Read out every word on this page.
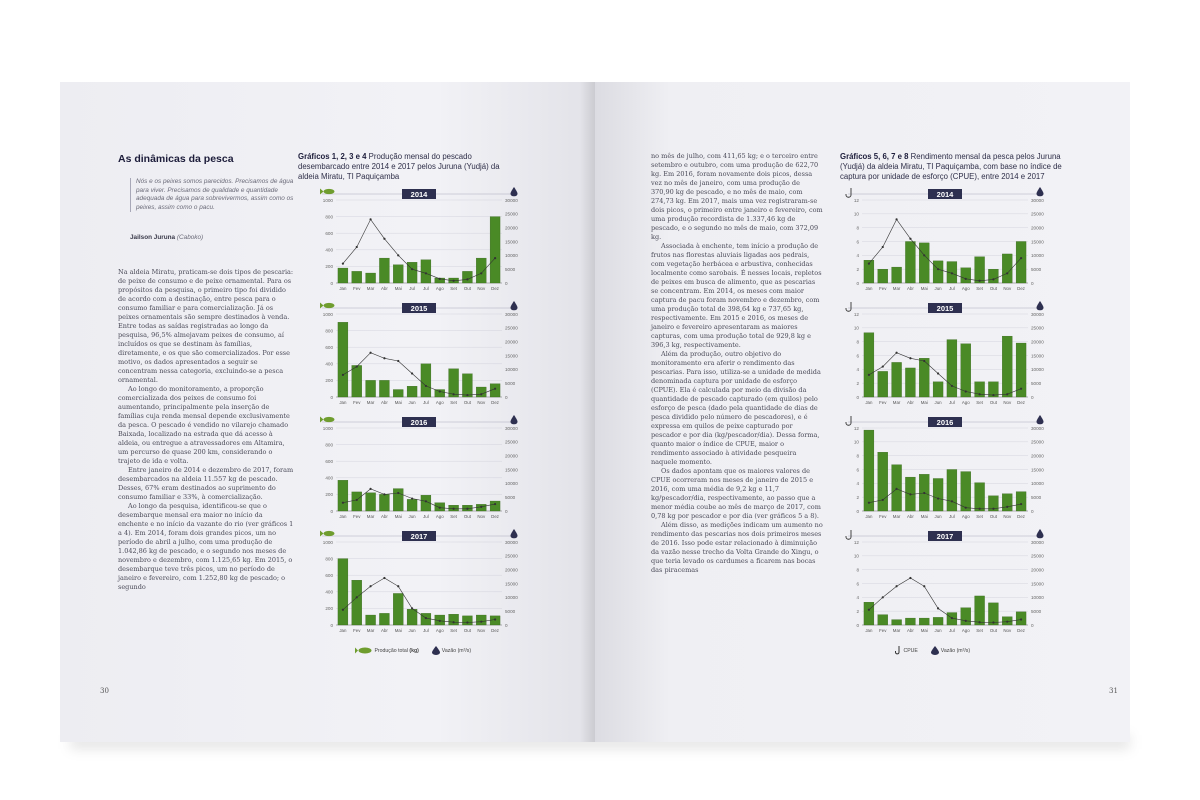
As dinâmicas da pesca
Nós e os peixes somos parecidos. Precisamos de água para viver. Precisamos de qualidade e quantidade adequada de água para sobrevivermos, assim como os peixes, assim como o pacu.
Jailson Juruna (Caboko)

Na aldeia Miratu, praticam-se dois tipos de pescaria: de peixe de consumo e de peixe ornamental. Para os propósitos da pesquisa, o primeiro tipo foi dividido de acordo com a destinação, entre pesca para o consumo familiar e para comercialização. Já os peixes ornamentais são sempre destinados à venda. Entre todas as saídas registradas ao longo da pesquisa, 96,5% almejavam peixes de consumo, aí incluídos os que se destinam às famílias, diretamente, e os que são comercializados. Por esse motivo, os dados apresentados a seguir se concentram nessa categoria, excluindo-se a pesca ornamental.

Ao longo do monitoramento, a proporção comercializada dos peixes de consumo foi aumentando, principalmente pela inserção de famílias cuja renda mensal depende exclusivamente da pesca. O pescado é vendido no vilarejo chamado Baixada, localizado na estrada que dá acesso à aldeia, ou entregue a atravessadores em Altamira, um percurso de quase 200 km, considerando o trajeto de ida e volta.

Entre janeiro de 2014 e dezembro de 2017, foram desembarcados na aldeia 11.557 kg de pescado. Desses, 67% eram destinados ao suprimento do consumo familiar e 33%, à comercialização.

Ao longo da pesquisa, identificou-se que o desembarque mensal era maior no início da enchente e no início da vazante do rio (ver gráficos 1 a 4). Em 2014, foram dois grandes picos, um no período de abril a julho, com uma produção de 1.042,86 kg de pescado, e o segundo nos meses de novembro e dezembro, com 1.125,65 kg. Em 2015, o desembarque teve três picos, um no período de janeiro e fevereiro, com 1.252,80 kg de pescado; o segundo

Gráficos 1, 2, 3 e 4 Produção mensal do pescado desembarcado entre 2014 e 2017 pelos Juruna (Yudjá) da aldeia Miratu, TI Paquiçamba
Produção total (kg)	Vazão (m³/s)
30

no mês de julho, com 411,65 kg; e o terceiro entre setembro e outubro, com uma produção de 622,70 kg. Em 2016, foram novamente dois picos, dessa vez no mês de janeiro, com uma produção de 370,90 kg de pescado, e no mês de maio, com 274,73 kg. Em 2017, mais uma vez registraram-se dois picos, o primeiro entre janeiro e fevereiro, com uma produção recordista de 1.337,46 kg de pescado, e o segundo no mês de maio, com 372,09 kg.

Associada à enchente, tem início a produção de frutos nas florestas aluviais ligadas aos pedrais, com vegetação herbácea e arbustiva, conhecidas localmente como sarobais. É nesses locais, repletos de peixes em busca de alimento, que as pescarias se concentram. Em 2014, os meses com maior captura de pacu foram novembro e dezembro, com uma produção total de 398,64 kg e 737,65 kg, respectivamente. Em 2015 e 2016, os meses de janeiro e fevereiro apresentaram as maiores capturas, com uma produção total de 929,8 kg e 396,3 kg, respectivamente.

Além da produção, outro objetivo do monitoramento era aferir o rendimento das pescarias. Para isso, utiliza-se a unidade de medida denominada captura por unidade de esforço (CPUE). Ela é calculada por meio da divisão da quantidade de pescado capturado (em quilos) pelo esforço de pesca (dado pela quantidade de dias de pesca dividido pelo número de pescadores), e é expressa em quilos de peixe capturado por pescador e por dia (kg/pescador/dia). Dessa forma, quanto maior o índice de CPUE, maior o rendimento associado à atividade pesqueira naquele momento.

Os dados apontam que os maiores valores de CPUE ocorreram nos meses de janeiro de 2015 e 2016, com uma média de 9,2 kg e 11,7 kg/pescador/dia, respectivamente, ao passo que a menor média coube ao mês de março de 2017, com 0,78 kg por pescador e por dia (ver gráficos 5 a 8).

Além disso, as medições indicam um aumento no rendimento das pescarias nos dois primeiros meses de 2016. Isso pode estar relacionado à diminuição da vazão nesse trecho da Volta Grande do Xingu, o que teria levado os cardumes a ficarem nas bocas das piracemas

Gráficos 5, 6, 7 e 8 Rendimento mensal da pesca pelos Juruna (Yudjá) da aldeia Miratu, TI Paquiçamba, com base no índice de captura por unidade de esforço (CPUE), entre 2014 e 2017
CPUE	Vazão (m³/s)
31
2014
0
200
400
600
800
1000
0
5000
10000
15000
20000
25000
30000
Jan Fev Mar Abr Mai Jul Jul Ago Set Out Nov Dez
2015
0
200
400
600
800
1000
0
5000
10000
15000
20000
25000
30000
Jan Fev Mar Abr Mai Jun Jul Ago Set Out Nov Dez
2016
0
200
400
600
800
1000
0
5000
10000
15000
20000
25000
30000
Jan Fev Mar Abr Mai Jun Jul Ago Set Out Nov Dez
2017
0
200
400
600
800
1000
0
5000
10000
15000
20000
25000
30000
Jan Fev Mar Abr Mai Jun Jul Ago Set Out Nov Dez
2014
0
2
4
6
8
10
12
0
5000
10000
15000
20000
25000
30000
Jan Fev Mar Abr Mai Jun Jul Ago Set Out Nov Dez
2015
0
2
4
6
8
10
12
0
5000
10000
15000
20000
25000
30000
Jan Fev Mar Abr Mai Jun Jul Ago Set Out Nov Dez
2016
0
2
4
6
8
10
12
0
5000
10000
15000
20000
25000
30000
Jan Fev Mar Abr Mai Jun Jul Ago Set Out Nov Dez
2017
0
2
4
6
8
10
12
0
5000
10000
15000
20000
25000
30000
Jan Fev Mar Abr Mai Jun Jul Ago Set Out Nov Dez
